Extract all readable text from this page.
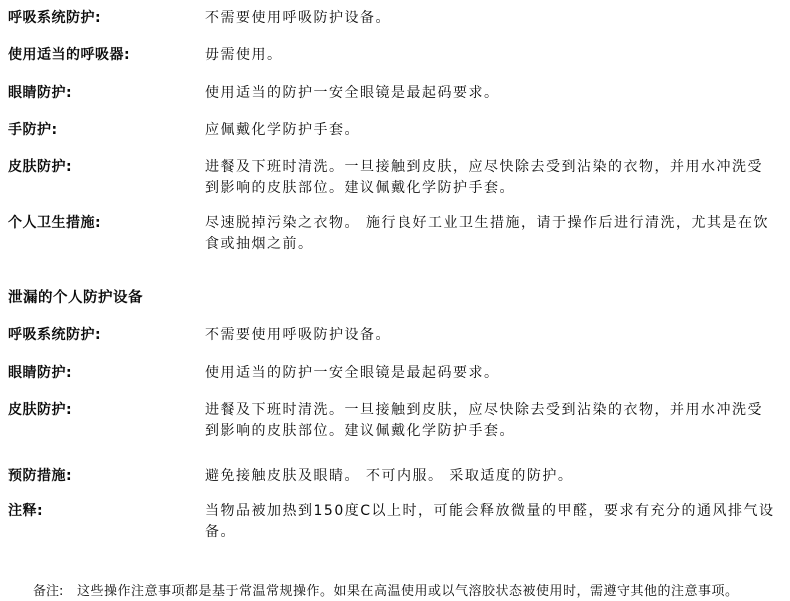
呼吸系统防护:	不需要使用呼吸防护设备。
使用适当的呼吸器:	毋需使用。
眼睛防护:	使用适当的防护一安全眼镜是最起码要求。
手防护:	应佩戴化学防护手套。
皮肤防护:	进餐及下班时清洗。一旦接触到皮肤，应尽快除去受到沾染的衣物，并用水冲洗受到影响的皮肤部位。建议佩戴化学防护手套。
个人卫生措施:	尽速脱掉污染之衣物。 施行良好工业卫生措施，请于操作后进行清洗，尤其是在饮食或抽烟之前。
泄漏的个人防护设备
呼吸系统防护:	不需要使用呼吸防护设备。
眼睛防护:	使用适当的防护一安全眼镜是最起码要求。
皮肤防护:	进餐及下班时清洗。一旦接触到皮肤，应尽快除去受到沾染的衣物，并用水冲洗受到影响的皮肤部位。建议佩戴化学防护手套。
预防措施:	避免接触皮肤及眼睛。 不可内服。 采取适度的防护。
注释:	当物品被加热到150度C以上时，可能会释放微量的甲醛，要求有充分的通风排气设备。
备注:	这些操作注意事项都是基于常温常规操作。如果在高温使用或以气溶胶状态被使用时，需遵守其他的注意事项。
